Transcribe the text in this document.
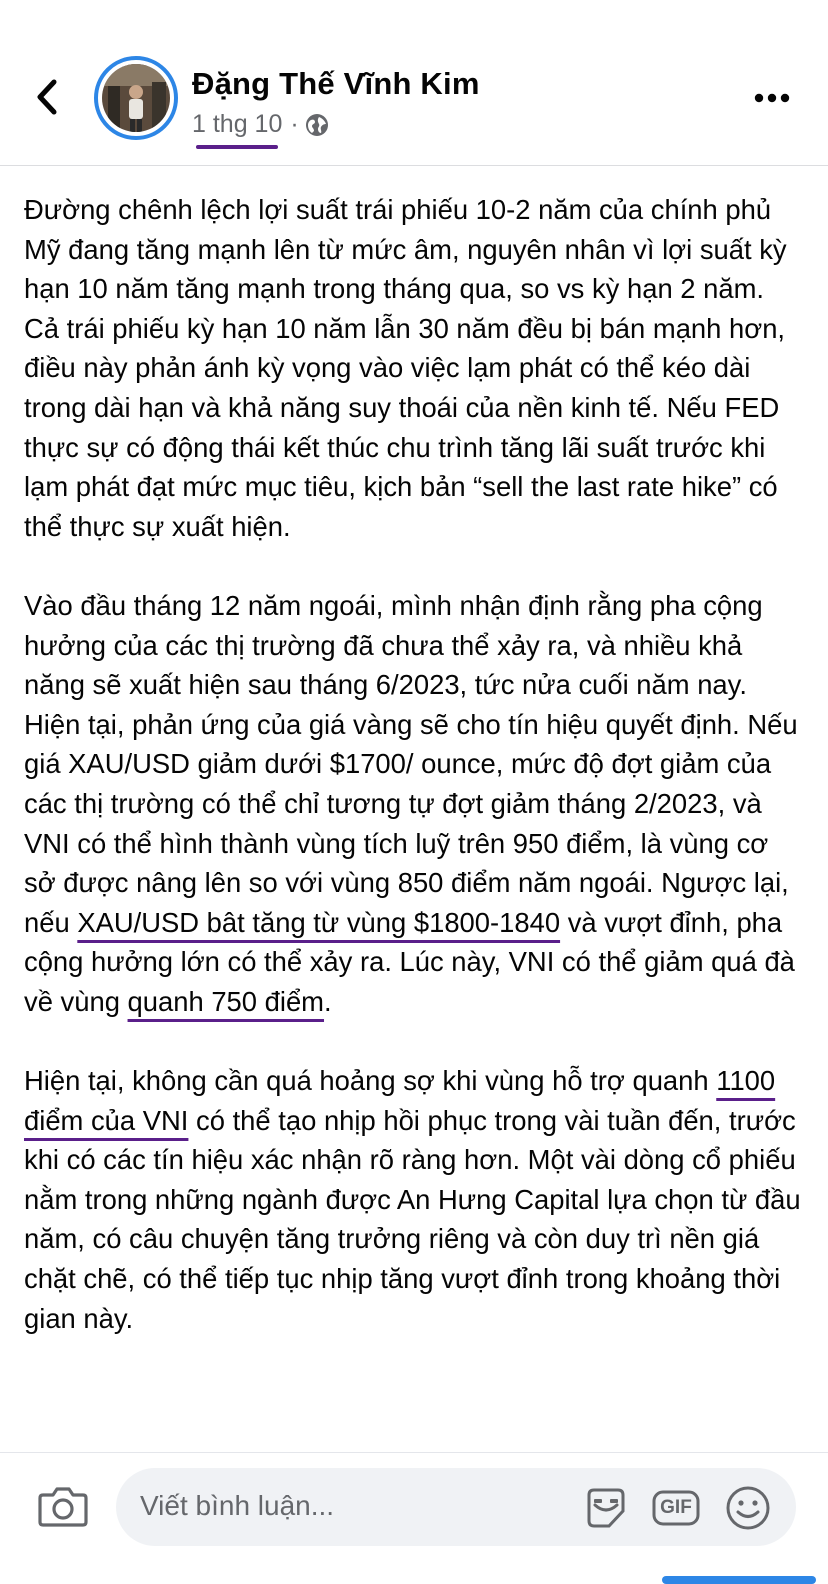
Đặng Thế Vĩnh Kim
1 thg 10 ·

Đường chênh lệch lợi suất trái phiếu 10-2 năm của chính phủ Mỹ đang tăng mạnh lên từ mức âm, nguyên nhân vì lợi suất kỳ hạn 10 năm tăng mạnh trong tháng qua, so vs kỳ hạn 2 năm. Cả trái phiếu kỳ hạn 10 năm lẫn 30 năm đều bị bán mạnh hơn, điều này phản ánh kỳ vọng vào việc lạm phát có thể kéo dài trong dài hạn và khả năng suy thoái của nền kinh tế. Nếu FED thực sự có động thái kết thúc chu trình tăng lãi suất trước khi lạm phát đạt mức mục tiêu, kịch bản “sell the last rate hike” có thể thực sự xuất hiện.

Vào đầu tháng 12 năm ngoái, mình nhận định rằng pha cộng hưởng của các thị trường đã chưa thể xảy ra, và nhiều khả năng sẽ xuất hiện sau tháng 6/2023, tức nửa cuối năm nay. Hiện tại, phản ứng của giá vàng sẽ cho tín hiệu quyết định. Nếu giá XAU/USD giảm dưới $1700/ ounce, mức độ đợt giảm của các thị trường có thể chỉ tương tự đợt giảm tháng 2/2023, và VNI có thể hình thành vùng tích luỹ trên 950 điểm, là vùng cơ sở được nâng lên so với vùng 850 điểm năm ngoái. Ngược lại, nếu XAU/USD bât tăng từ vùng $1800-1840 và vượt đỉnh, pha cộng hưởng lớn có thể xảy ra. Lúc này, VNI có thể giảm quá đà về vùng quanh 750 điểm.

Hiện tại, không cần quá hoảng sợ khi vùng hỗ trợ quanh 1100 điểm của VNI có thể tạo nhịp hồi phục trong vài tuần đến, trước khi có các tín hiệu xác nhận rõ ràng hơn. Một vài dòng cổ phiếu nằm trong những ngành được An Hưng Capital lựa chọn từ đầu năm, có câu chuyện tăng trưởng riêng và còn duy trì nền giá chặt chẽ, có thể tiếp tục nhịp tăng vượt đỉnh trong khoảng thời gian này.

Viết bình luận...	GIF
